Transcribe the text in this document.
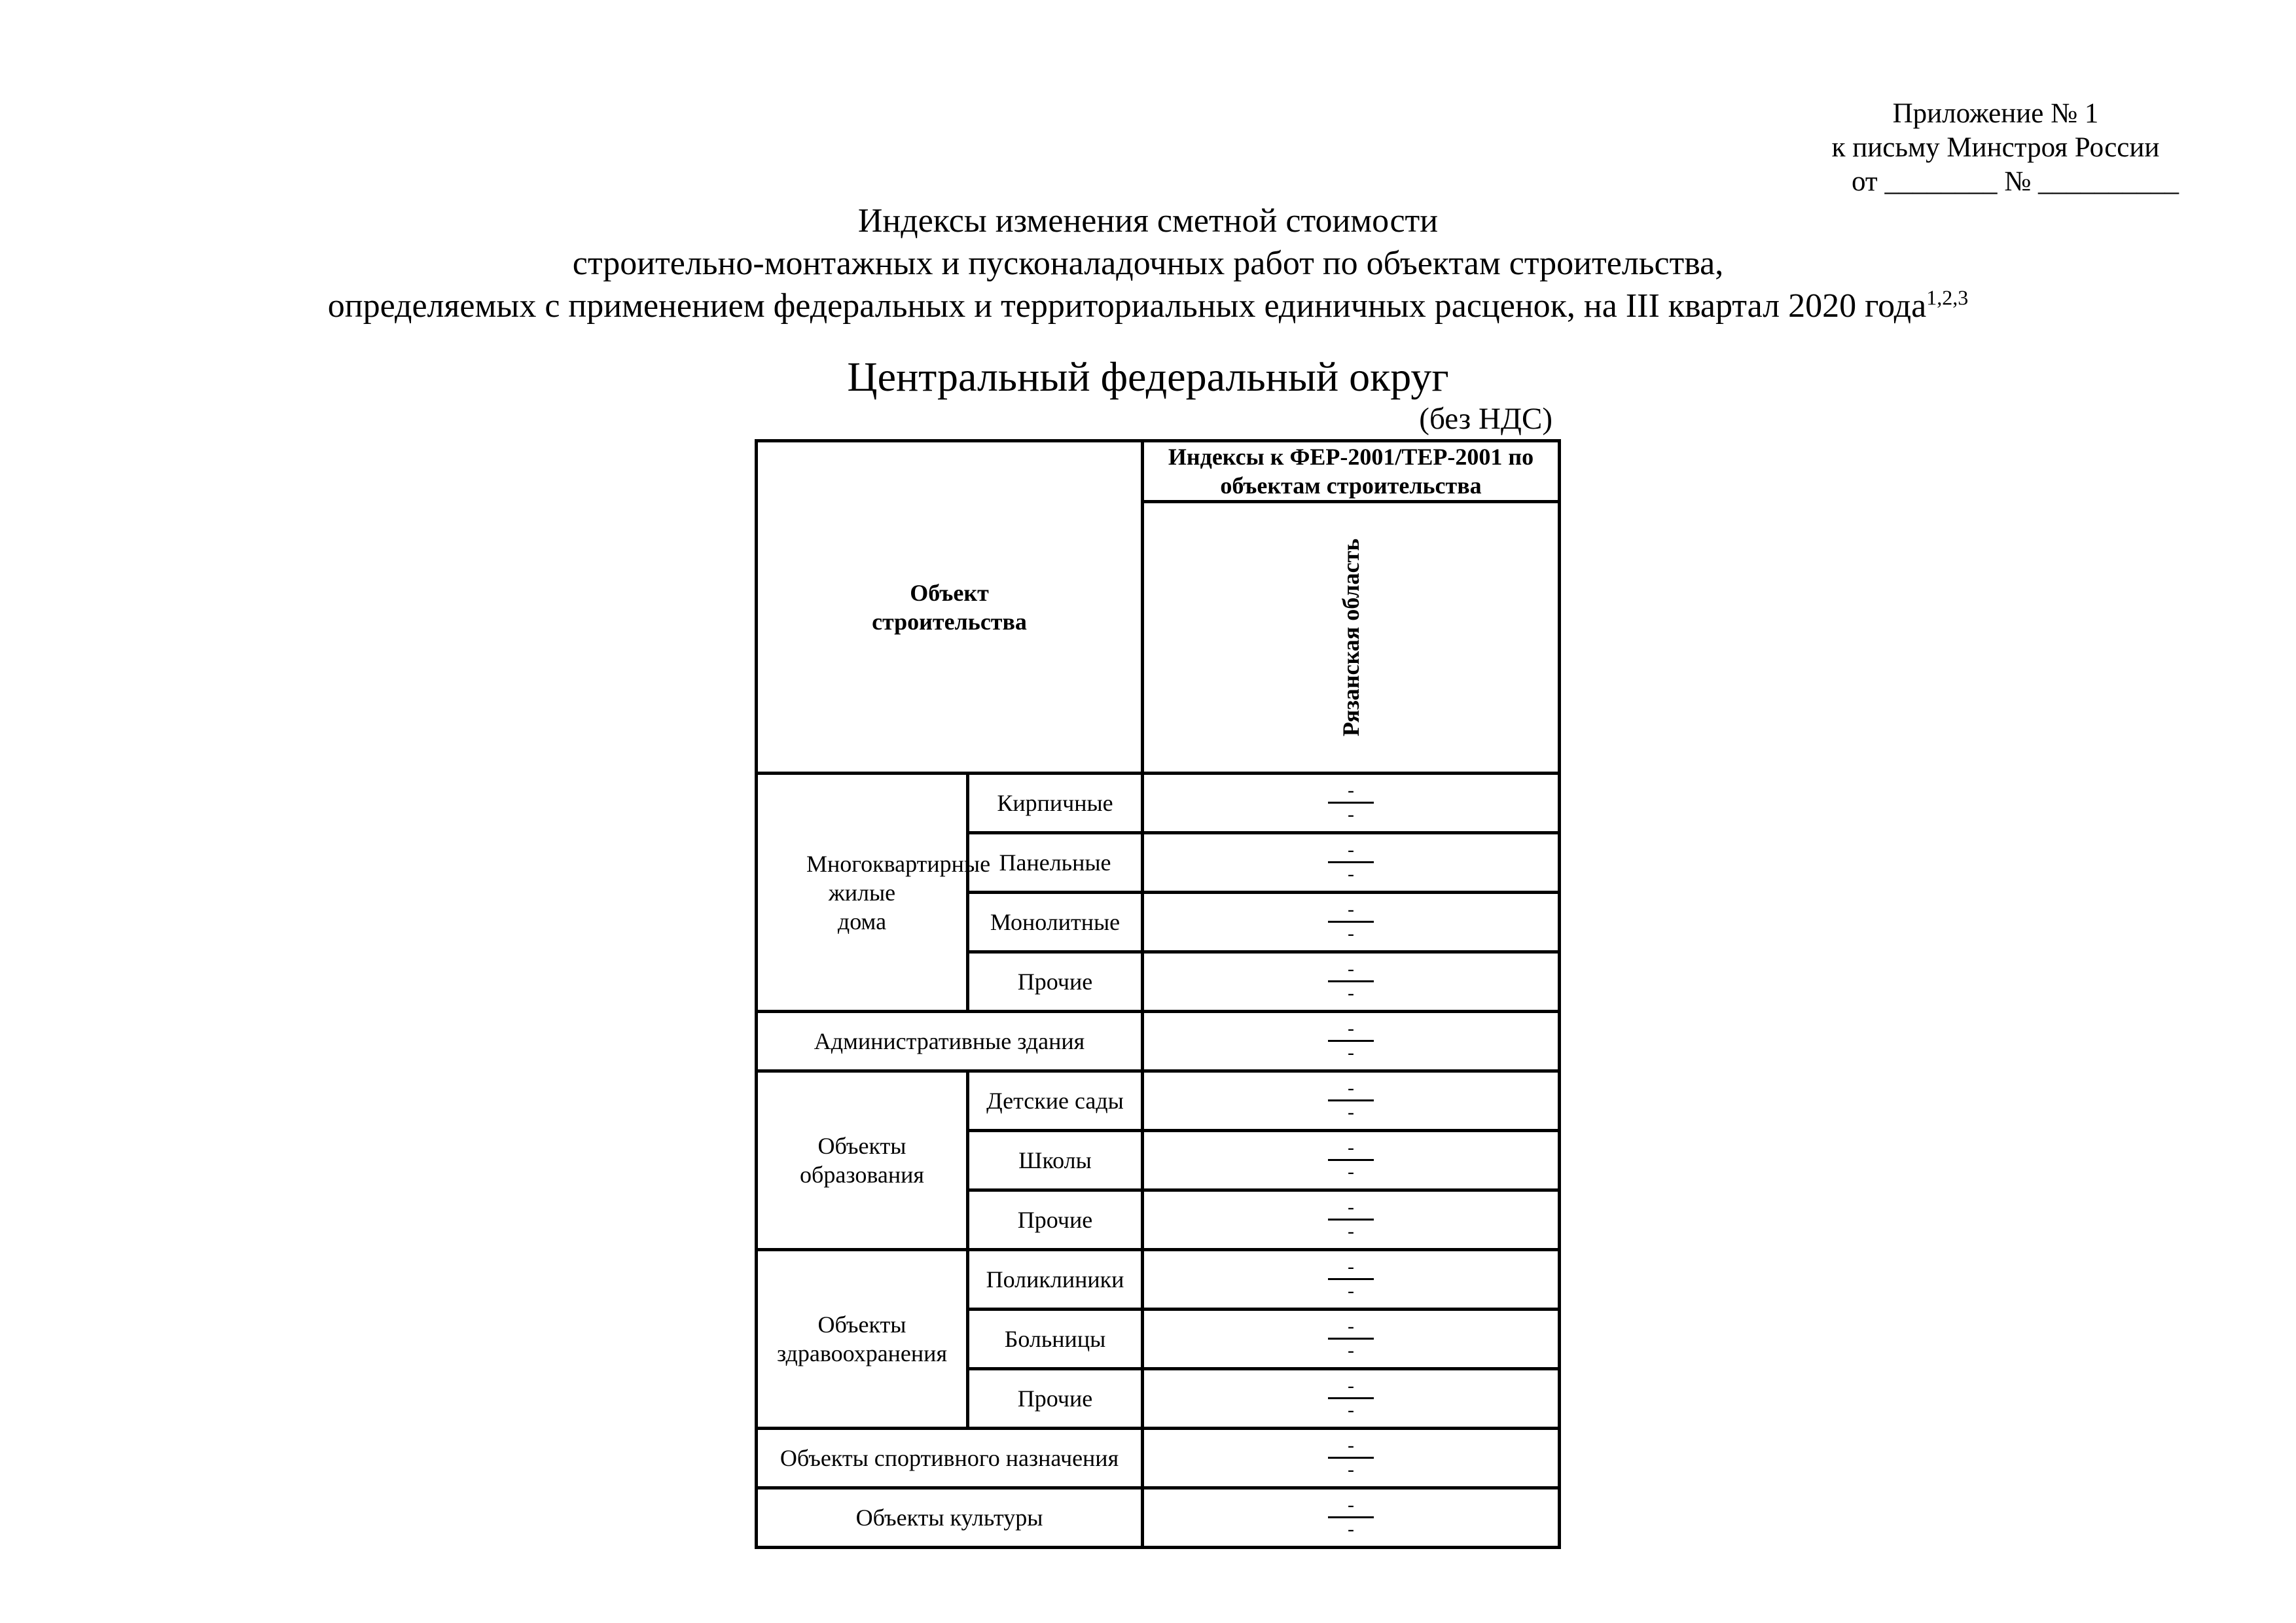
Приложение № 1
к письму Минстроя России
от ________ № __________
Индексы изменения сметной стоимости
строительно-монтажных и пусконаладочных работ по объектам строительства,
определяемых с применением федеральных и территориальных единичных расценок, на III квартал 2020 года$^{1,2,3}$
Центральный федеральный округ
(без НДС)
Объект строительства		Индексы к ФЕР-2001/ТЕР-2001 по объектам строительства

		Рязанская область

Многоквартирные жилые дома	Кирпичные	$\frac{-}{-}$

	Панельные	$\frac{-}{-}$

	Монолитные	$\frac{-}{-}$

	Прочие	$\frac{-}{-}$

Административные здания		$\frac{-}{-}$

Объекты образования	Детские сады	$\frac{-}{-}$

	Школы	$\frac{-}{-}$

	Прочие	$\frac{-}{-}$

Объекты здравоохранения	Поликлиники	$\frac{-}{-}$

	Больницы	$\frac{-}{-}$

	Прочие	$\frac{-}{-}$

Объекты спортивного назначения		$\frac{-}{-}$

Объекты культуры		$\frac{-}{-}$
